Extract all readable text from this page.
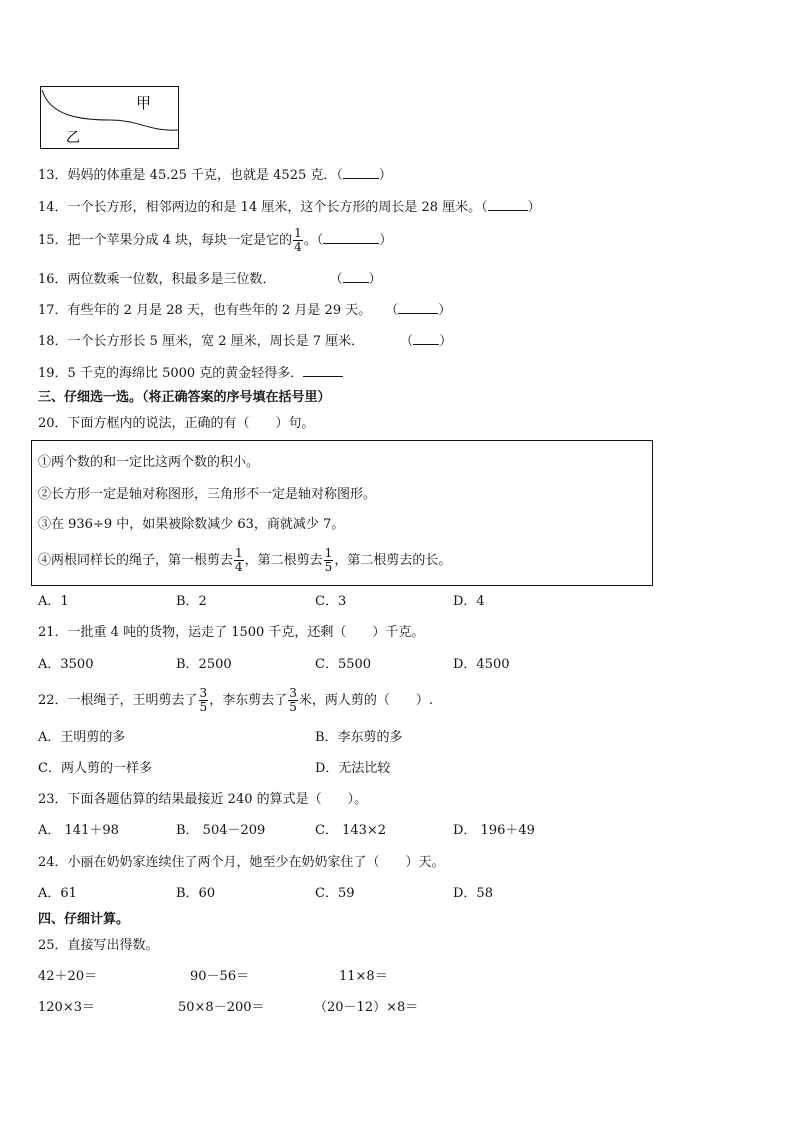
甲
乙
13．妈妈的体重是 45.25 千克，也就是 4525 克．（	）
14．一个长方形，相邻两边的和是 14 厘米，这个长方形的周长是 28 厘米。（	）
15．把一个苹果分成 4 块，每块一定是它的 $\frac{1}{4}$ 。（	）
16．两位数乘一位数，积最多是三位数．	（ ）
17．有些年的 2 月是 28 天，也有些年的 2 月是 29 天。 （	）
18．一个长方形长 5 厘米，宽 2 厘米，周长是 7 厘米．	（ ）
19．5 千克的海绵比 5000 克的黄金轻得多．
三、仔细选一选。（将正确答案的序号填在括号里）
20．下面方框内的说法，正确的有（　　）句。
①两个数的和一定比这两个数的积小。
②长方形一定是轴对称图形，三角形不一定是轴对称图形。
③在 936÷9 中，如果被除数减少 63，商就减少 7。
④两根同样长的绳子，第一根剪去 $\frac{1}{4}$ ，第二根剪去 $\frac{1}{5}$ ，第二根剪去的长。
A．1	B．2	C．3	D．4
21．一批重 4 吨的货物，运走了 1500 千克，还剩（　　）千克。
A．3500	B．2500	C．5500	D．4500
22．一根绳子，王明剪去了 $\frac{3}{5}$ ，李东剪去了 $\frac{3}{5}$ 米，两人剪的（　　）.
A．王明剪的多	B．李东剪的多
C．两人剪的一样多	D．无法比较
23．下面各题估算的结果最接近 240 的算式是（　　）。
A． 141＋98	B． 504－209	C． 143×2	D． 196＋49
24．小丽在奶奶家连续住了两个月，她至少在奶奶家住了（　　）天。
A．61	B．60	C．59	D．58
四、仔细计算。
25．直接写出得数。
42＋20＝	90－56＝	11×8＝
120×3＝	50×8－200＝	（20－12）×8＝
